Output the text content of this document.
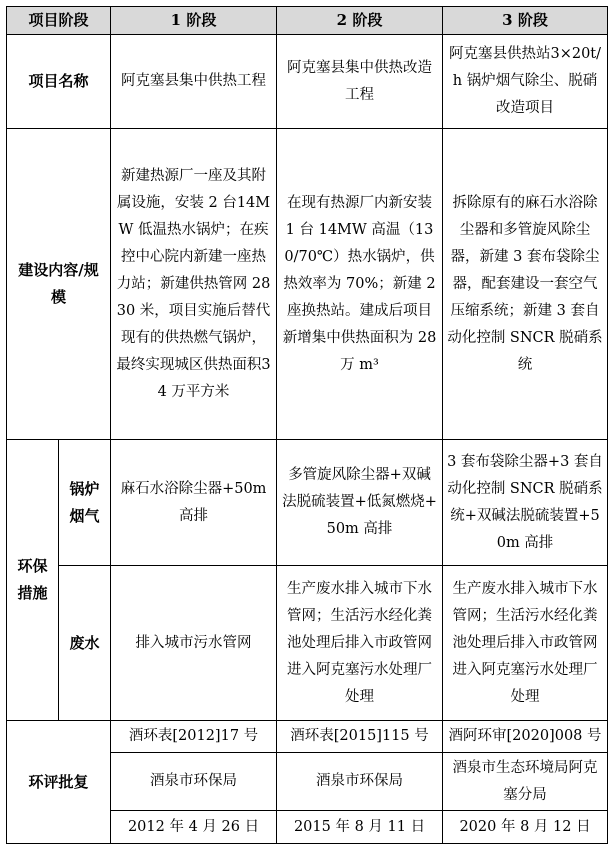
项目阶段		1 阶段	2 阶段	3 阶段
项目名称		阿克塞县集中供热工程	阿克塞县集中供热改造工程	阿克塞县供热站3×20t/h 锅炉烟气除尘、脱硝改造项目

建设内容/规模		新建热源厂一座及其附属设施，安装 2 台14MW 低温热水锅炉；在疾控中心院内新建一座热力站；新建供热管网 2830 米，项目实施后替代现有的供热燃气锅炉，最终实现城区供热面积34 万平方米	在现有热源厂内新安装 1 台 14MW 高温（130/70℃）热水锅炉，供热效率为 70%；新建 2 座换热站。建成后项目新增集中供热面积为 28 万 m³	拆除原有的麻石水浴除尘器和多管旋风除尘器，新建 3 套布袋除尘器，配套建设一套空气压缩系统；新建 3 套自动化控制 SNCR 脱硝系统

环保措施	锅炉烟气	麻石水浴除尘器+50m 高排	多管旋风除尘器+双碱法脱硫装置+低氮燃烧+50m 高排	3 套布袋除尘器+3 套自动化控制 SNCR 脱硝系统+双碱法脱硫装置+50m 高排

	废水	排入城市污水管网	生产废水排入城市下水管网；生活污水经化粪池处理后排入市政管网进入阿克塞污水处理厂处理	生产废水排入城市下水管网；生活污水经化粪池处理后排入市政管网进入阿克塞污水处理厂处理

环评批复		酒环表[2012]17 号	酒环表[2015]115 号	酒阿环审[2020]008 号

		酒泉市环保局	酒泉市环保局	酒泉市生态环境局阿克塞分局

		2012 年 4 月 26 日	2015 年 8 月 11 日	2020 年 8 月 12 日
